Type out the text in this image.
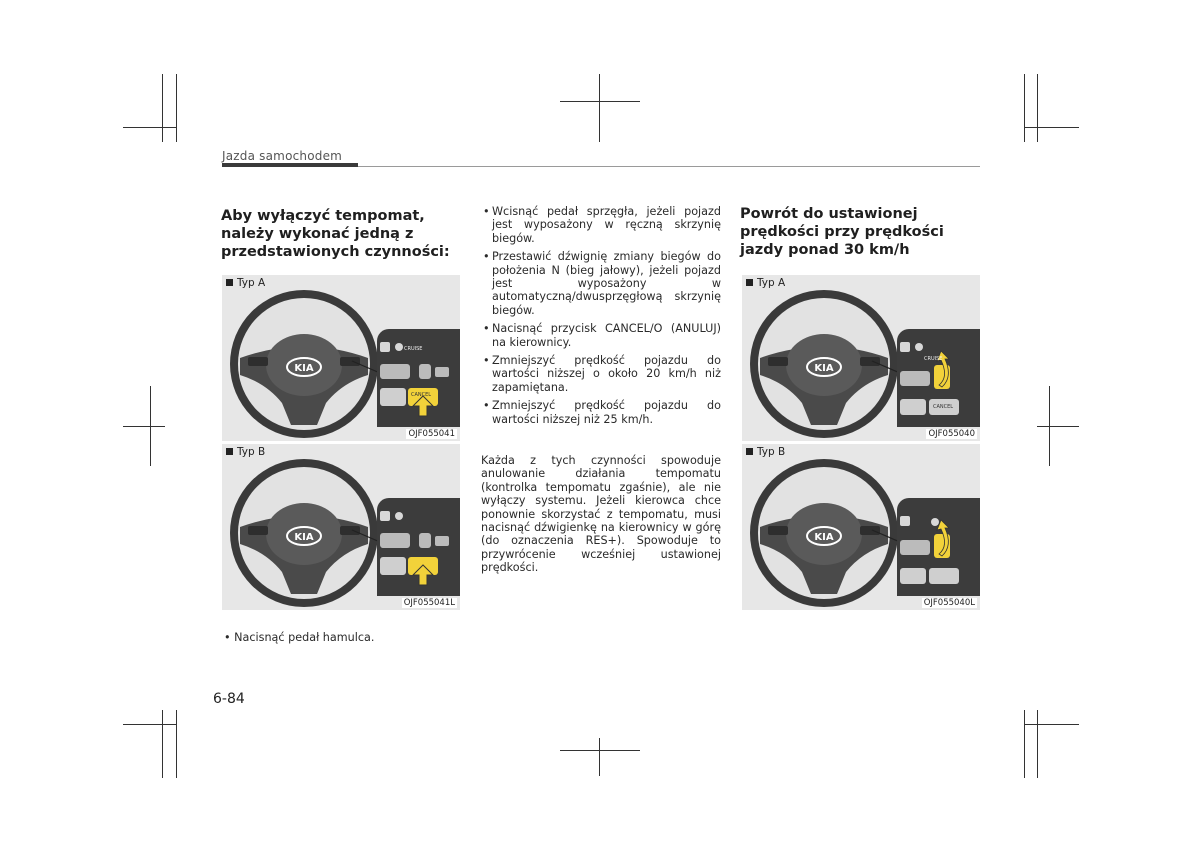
Jazda samochodem
Aby wyłączyć tempomat, należy wykonać jedną z przedstawionych czynności:
KIA
Typ A
CRUISE
CANCEL
OJF055041
KIA
Typ B
OJF055041L
• Nacisnąć pedał hamulca.
• Wcisnąć pedał sprzęgła, jeżeli pojazd jest wyposażony w ręczną skrzynię biegów.
• Przestawić dźwignię zmiany biegów do położenia N (bieg jałowy), jeżeli pojazd jest wyposażony w automatyczną/dwusprzęgłową skrzynię biegów.
• Nacisnąć przycisk CANCEL/O (ANULUJ) na kierownicy.
• Zmniejszyć prędkość pojazdu do wartości niższej o około 20 km/h niż zapamiętana.
• Zmniejszyć prędkość pojazdu do wartości niższej niż 25 km/h.
Każda z tych czynności spowoduje anulowanie działania tempomatu (kontrolka tempomatu zgaśnie), ale nie wyłączy systemu. Jeżeli kierowca chce ponownie skorzystać z tempomatu, musi nacisnąć dźwigienkę na kierownicy w górę (do oznaczenia RES+). Spowoduje to przywrócenie wcześniej ustawionej prędkości.
Powrót do ustawionej prędkości przy prędkości jazdy ponad 30 km/h
KIA
Typ A
CRUISE
CANCEL
OJF055040
KIA
Typ B
OJF055040L
6-84
